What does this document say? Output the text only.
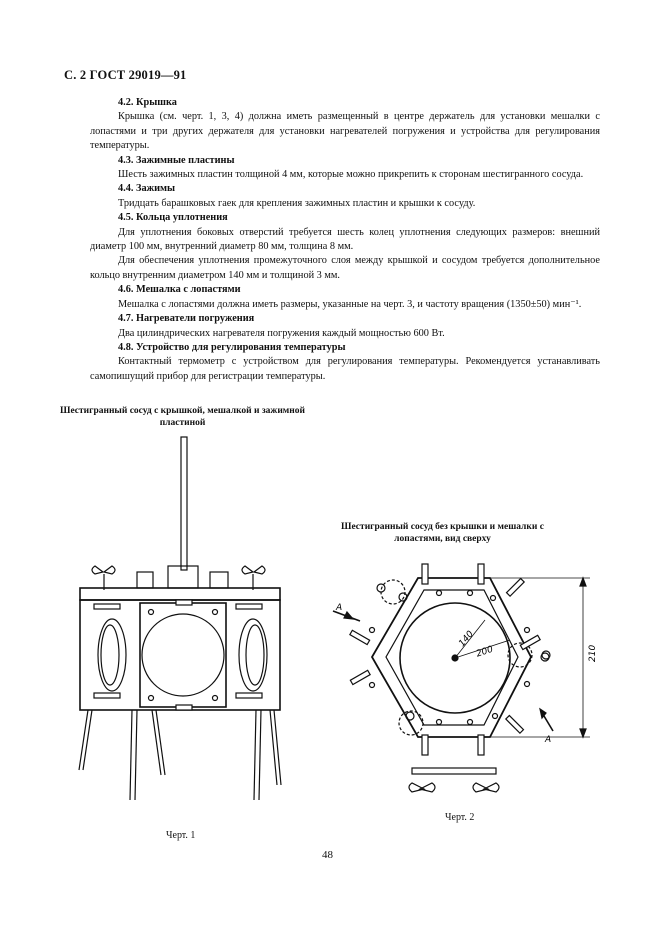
С. 2 ГОСТ 29019—91

4.2. Крышка

Крышка (см. черт. 1, 3, 4) должна иметь размещенный в центре держатель для установки мешалки с лопастями и три других держателя для установки нагревателей погружения и устройства для регулирования температуры.

4.3. Зажимные пластины

Шесть зажимных пластин толщиной 4 мм, которые можно прикрепить к сторонам шестигранного сосуда.

4.4. Зажимы

Тридцать барашковых гаек для крепления зажимных пластин и крышки к сосуду.

4.5. Кольца уплотнения

Для уплотнения боковых отверстий требуется шесть колец уплотнения следующих размеров: внешний диаметр 100 мм, внутренний диаметр 80 мм, толщина 8 мм.

Для обеспечения уплотнения промежуточного слоя между крышкой и сосудом требуется дополнительное кольцо внутренним диаметром 140 мм и толщиной 3 мм.

4.6. Мешалка с лопастями

Мешалка с лопастями должна иметь размеры, указанные на черт. 3, и частоту вращения (1350±50) мин⁻¹.

4.7. Нагреватели погружения

Два цилиндрических нагревателя погружения каждый мощностью 600 Вт.

4.8. Устройство для регулирования температуры

Контактный термометр с устройством для регулирования температуры. Рекомендуется устанавливать самопишущий прибор для регистрации температуры.

Шестигранный сосуд с крышкой, мешалкой и зажимной пластиной
Шестигранный сосуд без крышки и мешалки с лопастями, вид сверху
140
200	210
A
A
Черт. 1
Черт. 2
48
